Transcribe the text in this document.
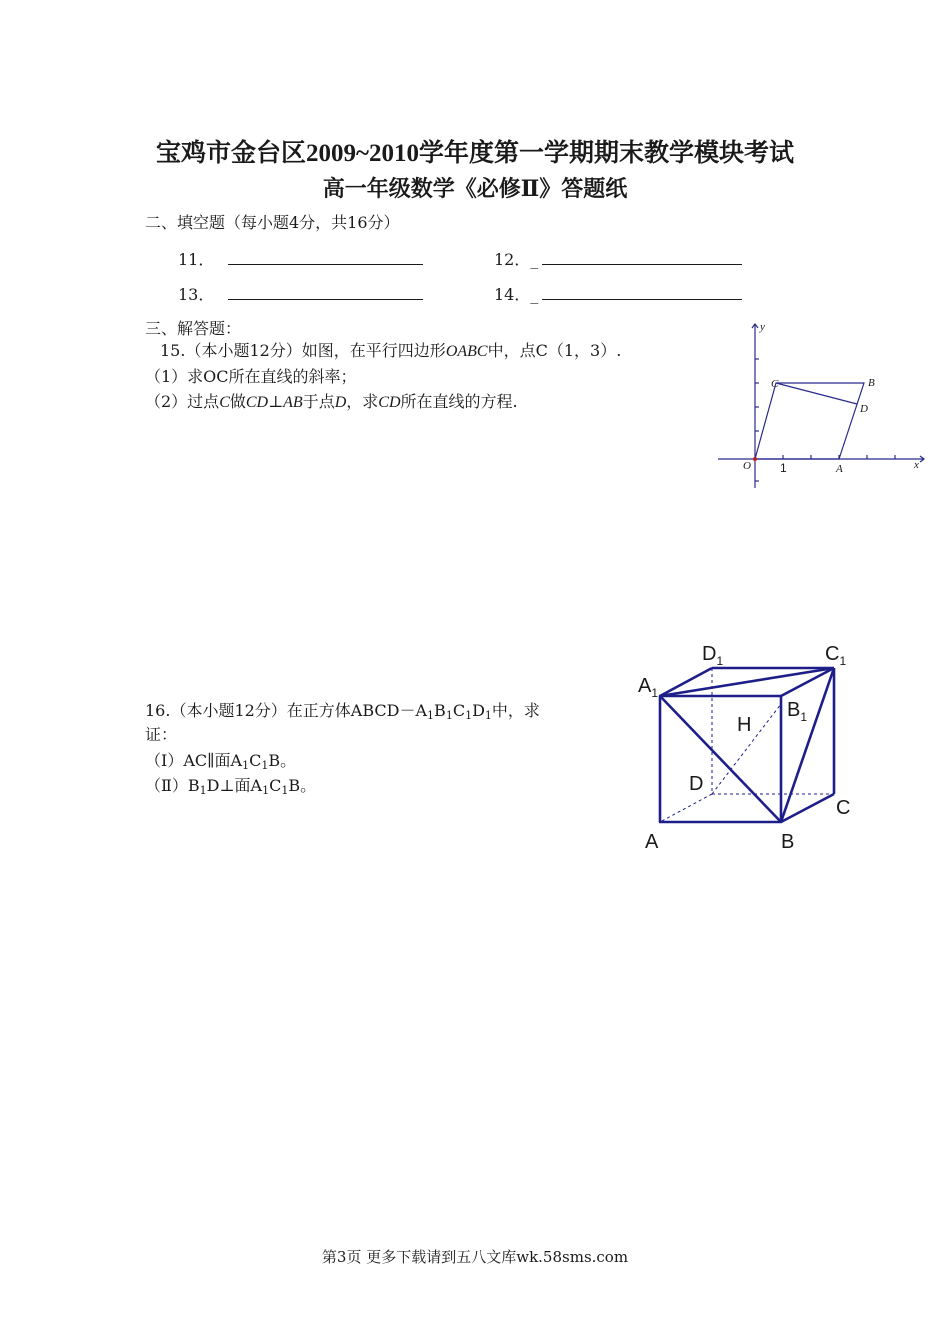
宝鸡市金台区2009~2010学年度第一学期期末教学模块考试
高一年级数学《必修Ⅱ》答题纸
二、填空题（每小题4分，共16分）
11．	12．_
13．	14．_
三、解答题：
15.（本小题12分）如图，在平行四边形OABC中，点C（1，3）.
（1）求OC所在直线的斜率；
（2）过点C做CD⊥AB于点D，求CD所在直线的方程.
y
x
O 1	A
B
C
D
16.（本小题12分）在正方体$ABCD-A_1B_1C_1D_1$中，求
证：
（Ⅰ）AC∥面$A_1C_1B$。
$(Ⅱ)B_1D\perp$面$A_1C_1B$。
$A_1$
$D_1$	$C_1$
$B_1$
H
D
C
A	B
第3页 更多下载请到五八文库wk.58sms.com
